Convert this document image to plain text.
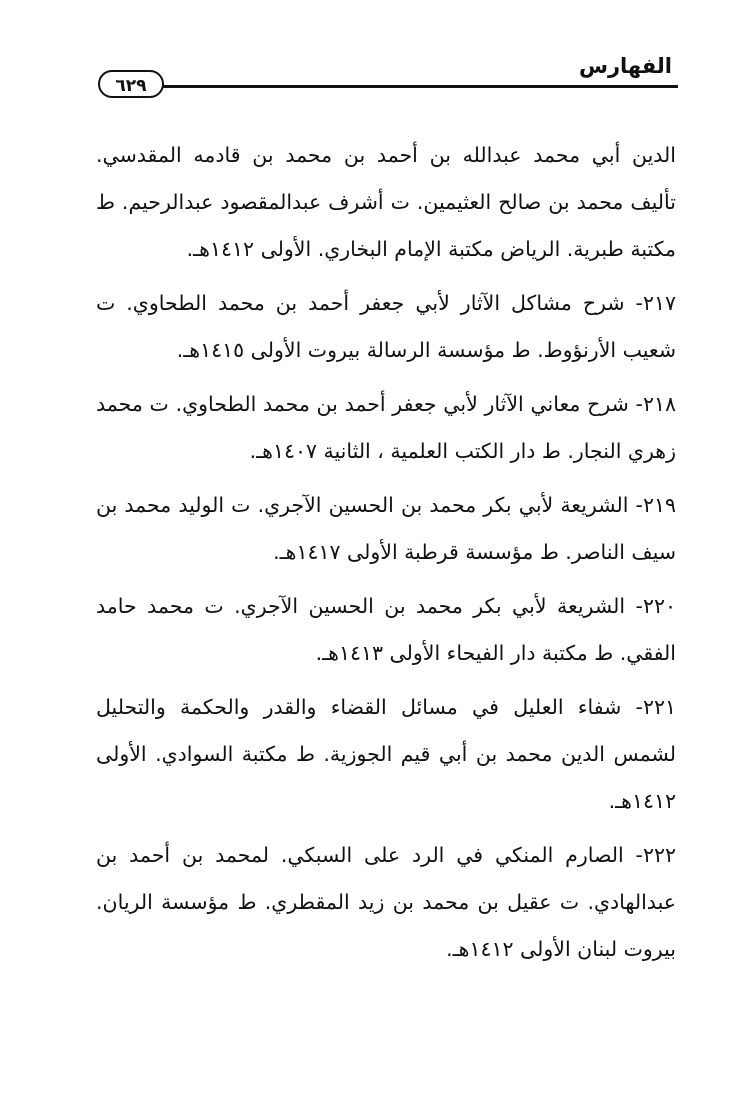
الفهارس
٦٢٩

الدين أبي محمد عبدالله بن أحمد بن محمد بن قادمه المقدسي. تأليف محمد بن صالح العثيمين. ت أشرف عبدالمقصود عبدالرحيم. ط مكتبة طبرية. الرياض مكتبة الإمام البخاري. الأولى ١٤١٢هـ.

٢١٧- شرح مشاكل الآثار لأبي جعفر أحمد بن محمد الطحاوي. ت شعيب الأرنؤوط. ط مؤسسة الرسالة بيروت الأولى ١٤١٥هـ.

٢١٨- شرح معاني الآثار لأبي جعفر أحمد بن محمد الطحاوي. ت محمد زهري النجار. ط دار الكتب العلمية ، الثانية ١٤٠٧هـ.

٢١٩- الشريعة لأبي بكر محمد بن الحسين الآجري. ت الوليد محمد بن سيف الناصر. ط مؤسسة قرطبة الأولى ١٤١٧هـ.

٢٢٠- الشريعة لأبي بكر محمد بن الحسين الآجري. ت محمد حامد الفقي. ط مكتبة دار الفيحاء الأولى ١٤١٣هـ.

٢٢١- شفاء العليل في مسائل القضاء والقدر والحكمة والتحليل لشمس الدين محمد بن أبي قيم الجوزية. ط مكتبة السوادي. الأولى ١٤١٢هـ.

٢٢٢- الصارم المنكي في الرد على السبكي. لمحمد بن أحمد بن عبدالهادي. ت عقيل بن محمد بن زيد المقطري. ط مؤسسة الريان. بيروت لبنان الأولى ١٤١٢هـ.
